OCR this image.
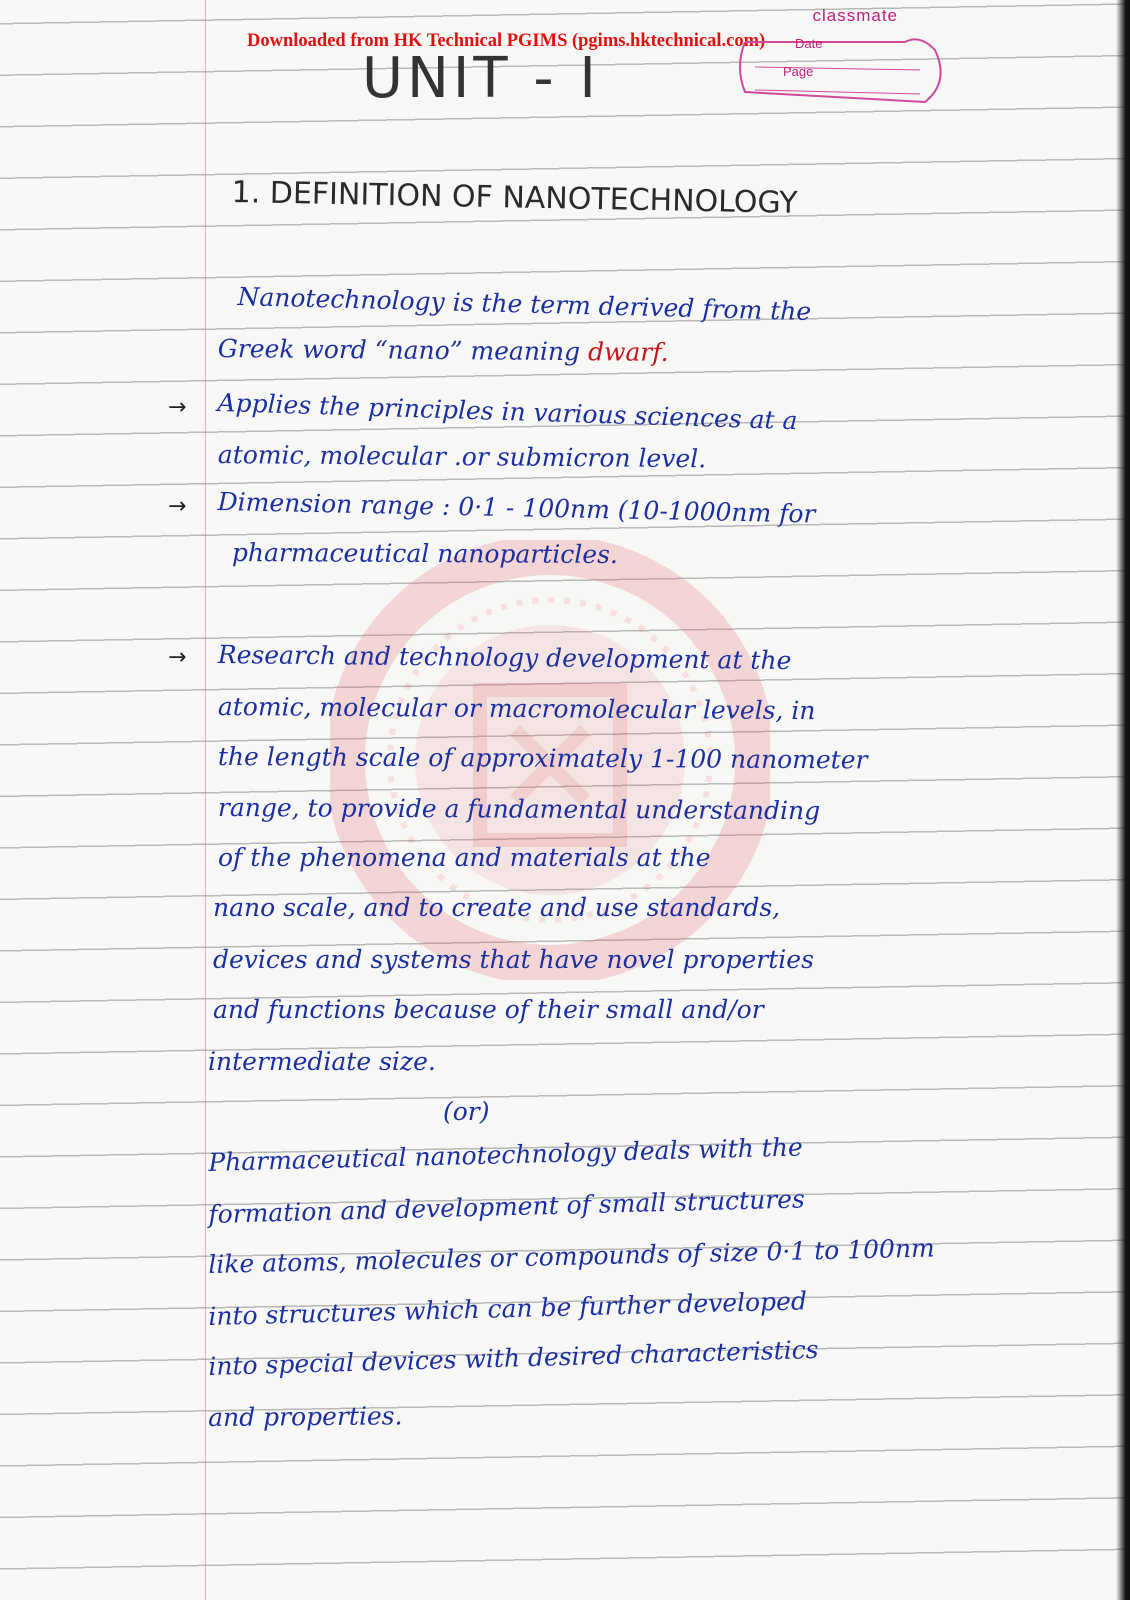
Downloaded from HK Technical PGIMS (pgims.hktechnical.com)

classmate

Date
Page
UNIT - I
1. DEFINITION OF NANOTECHNOLOGY

Nanotechnology is the term derived from the

Greek word “nano” meaning dwarf.

→ Applies the principles in various sciences at a

atomic, molecular .or submicron level.

→ Dimension range : 0·1 - 100nm (10-1000nm for

pharmaceutical nanoparticles.

→ Research and technology development at the

atomic, molecular or macromolecular levels, in

the length scale of approximately 1-100 nanometer

range, to provide a fundamental understanding

of the phenomena and materials at the

nano scale, and to create and use standards,

devices and systems that have novel properties

and functions because of their small and/or

intermediate size.

(or)

Pharmaceutical nanotechnology deals with the

formation and development of small structures

like atoms, molecules or compounds of size 0·1 to 100nm

into structures which can be further developed

into special devices with desired characteristics

and properties.
